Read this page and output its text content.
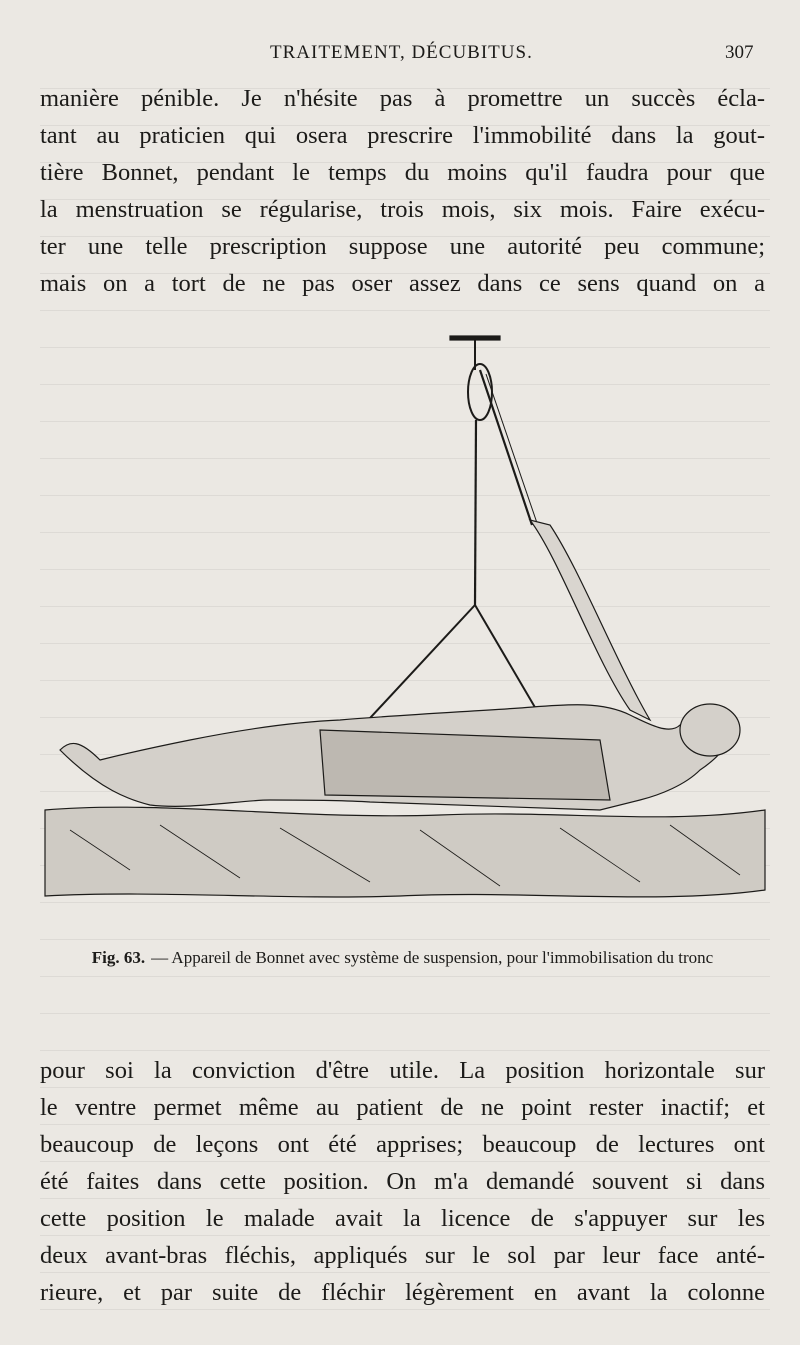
TRAITEMENT, DÉCUBITUS.	307
manière pénible. Je n'hésite pas à promettre un succès écla-
tant au praticien qui osera prescrire l'immobilité dans la gout-
tière Bonnet, pendant le temps du moins qu'il faudra pour que
la menstruation se régularise, trois mois, six mois. Faire exécu-
ter une telle prescription suppose une autorité peu commune;
mais on a tort de ne pas oser assez dans ce sens quand on a
Fig. 63. — Appareil de Bonnet avec système de suspension, pour l'immobilisation du tronc
pour soi la conviction d'être utile. La position horizontale sur
le ventre permet même au patient de ne point rester inactif; et
beaucoup de leçons ont été apprises; beaucoup de lectures ont
été faites dans cette position. On m'a demandé souvent si dans
cette position le malade avait la licence de s'appuyer sur les
deux avant-bras fléchis, appliqués sur le sol par leur face anté-
rieure, et par suite de fléchir légèrement en avant la colonne
